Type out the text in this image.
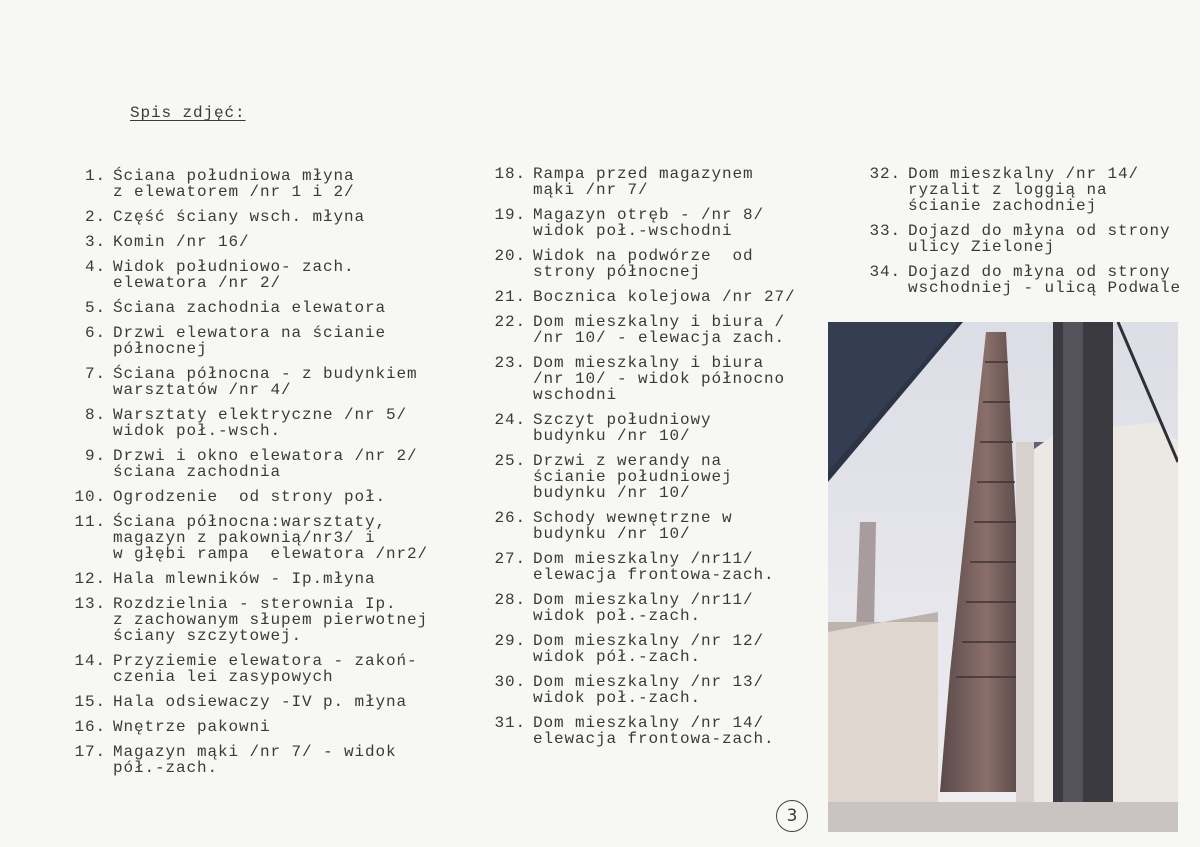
Spis zdjęć:
1. Ściana południowa młyna
z elewatorem /nr 1 i 2/
2. Część ściany wsch. młyna
3. Komin /nr 16/
4. Widok południowo- zach.
elewatora /nr 2/
5. Ściana zachodnia elewatora
6. Drzwi elewatora na ścianie
północnej
7. Ściana północna - z budynkiem
warsztatów /nr 4/
8. Warsztaty elektryczne /nr 5/
widok poł.-wsch.
9. Drzwi i okno elewatora /nr 2/
ściana zachodnia
10. Ogrodzenie  od strony poł.
11. Ściana północna:warsztaty,
magazyn z pakownią/nr3/ i
w głębi rampa  elewatora /nr2/
12. Hala mlewników - Ip.młyna
13. Rozdzielnia - sterownia Ip.
z zachowanym słupem pierwotnej
ściany szczytowej.
14. Przyziemie elewatora - zakoń-
czenia lei zasypowych
15. Hala odsiewaczy -IV p. młyna
16. Wnętrze pakowni
17. Magazyn mąki /nr 7/ - widok
pół.-zach.
18. Rampa przed magazynem
mąki /nr 7/
19. Magazyn otręb - /nr 8/
widok poł.-wschodni
20. Widok na podwórze  od
strony północnej
21. Bocznica kolejowa /nr 27/
22. Dom mieszkalny i biura /
/nr 10/ - elewacja zach.
23. Dom mieszkalny i biura
/nr 10/ - widok północno
wschodni
24. Szczyt południowy
budynku /nr 10/
25. Drzwi z werandy na
ścianie południowej
budynku /nr 10/
26. Schody wewnętrzne w
budynku /nr 10/
27. Dom mieszkalny /nr11/
elewacja frontowa-zach.
28. Dom mieszkalny /nr11/
widok poł.-zach.
29. Dom mieszkalny /nr 12/
widok pół.-zach.
30. Dom mieszkalny /nr 13/
widok poł.-zach.
31. Dom mieszkalny /nr 14/
elewacja frontowa-zach.
32. Dom mieszkalny /nr 14/
ryzalit z loggią na
ścianie zachodniej
33. Dojazd do młyna od strony
ulicy Zielonej
34. Dojazd do młyna od strony
wschodniej - ulicą Podwale
3
